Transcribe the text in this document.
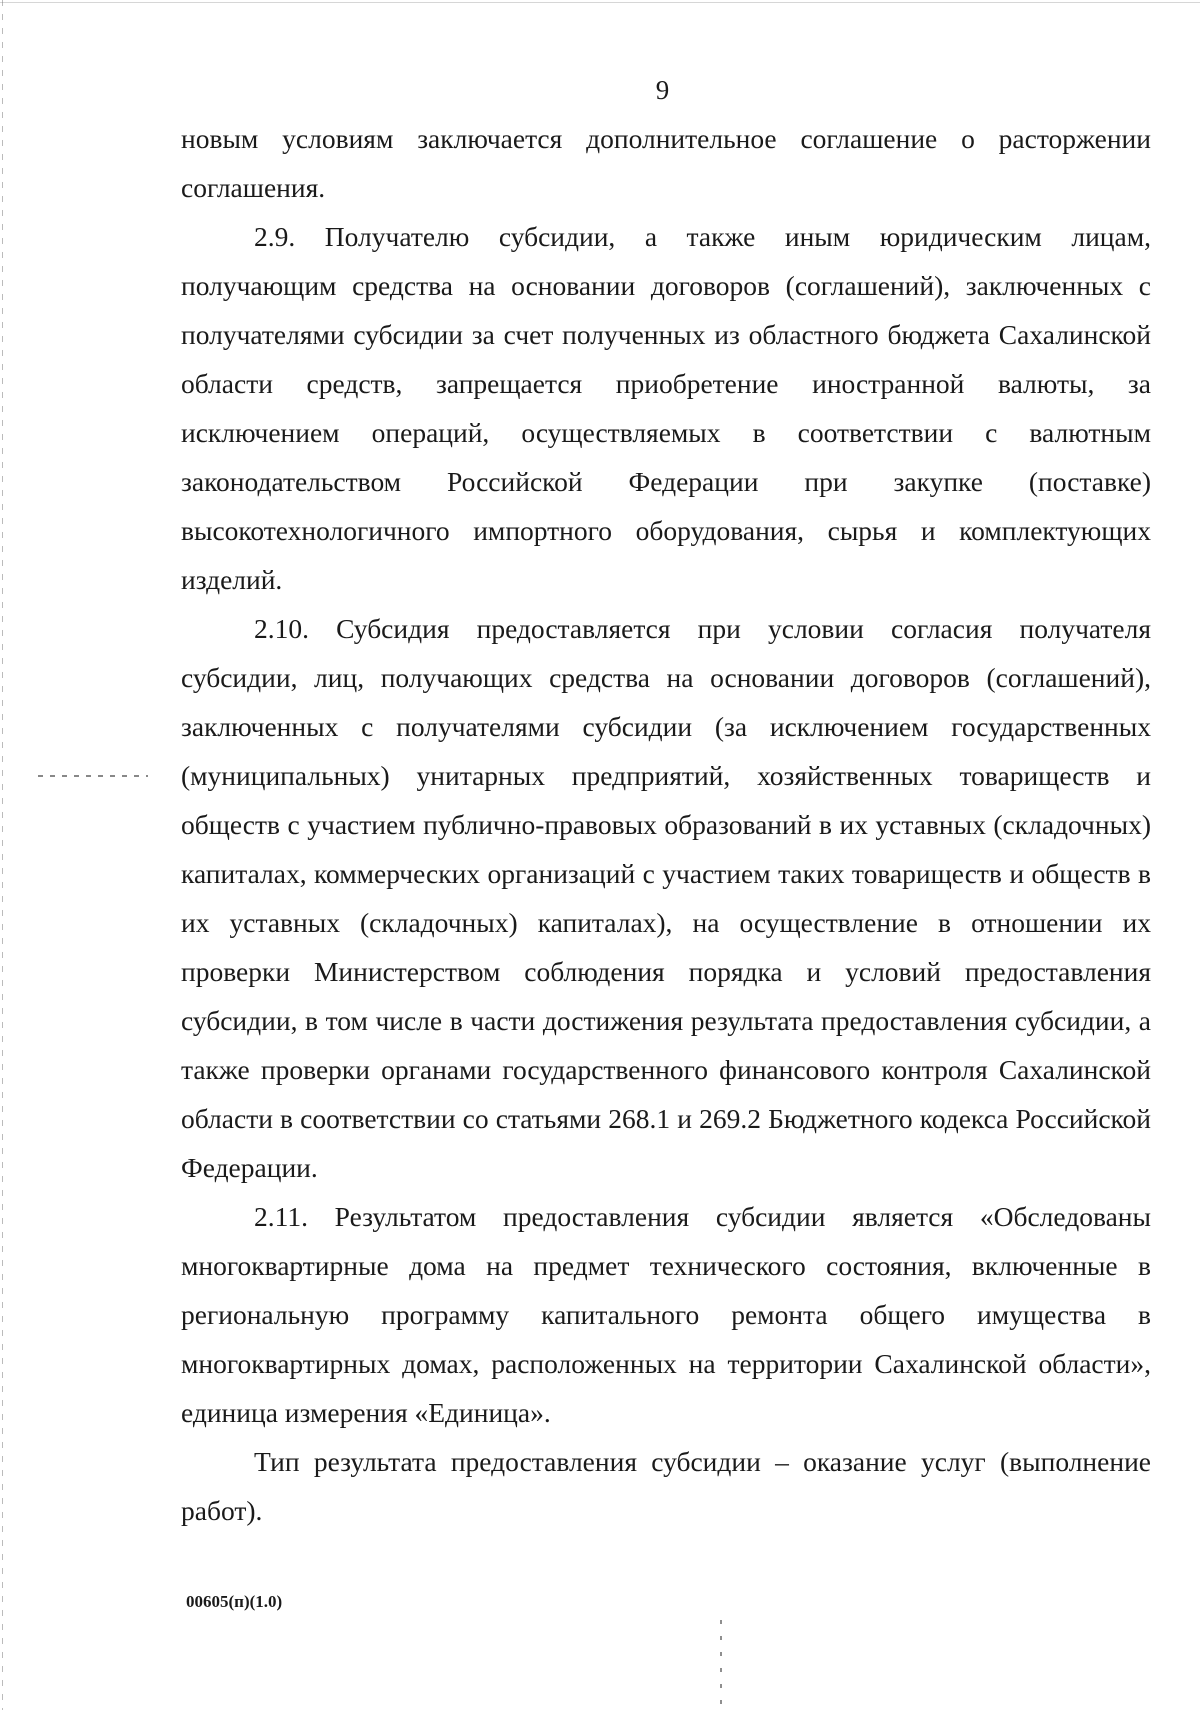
9

новым условиям заключается дополнительное соглашение о расторжении соглашения.

2.9. Получателю субсидии, а также иным юридическим лицам, получающим средства на основании договоров (соглашений), заключенных с получателями субсидии за счет полученных из областного бюджета Сахалинской области средств, запрещается приобретение иностранной валюты, за исключением операций, осуществляемых в соответствии с валютным законодательством Российской Федерации при закупке (поставке) высокотехнологичного импортного оборудования, сырья и комплектующих изделий.

2.10. Субсидия предоставляется при условии согласия получателя субсидии, лиц, получающих средства на основании договоров (соглашений), заключенных с получателями субсидии (за исключением государственных (муниципальных) унитарных предприятий, хозяйственных товариществ и обществ с участием публично-правовых образований в их уставных (складочных) капиталах, коммерческих организаций с участием таких товариществ и обществ в их уставных (складочных) капиталах), на осуществление в отношении их проверки Министерством соблюдения порядка и условий предоставления субсидии, в том числе в части достижения результата предоставления субсидии, а также проверки органами государственного финансового контроля Сахалинской области в соответствии со статьями 268.1 и 269.2 Бюджетного кодекса Российской Федерации.

2.11. Результатом предоставления субсидии является «Обследованы многоквартирные дома на предмет технического состояния, включенные в региональную программу капитального ремонта общего имущества в многоквартирных домах, расположенных на территории Сахалинской области», единица измерения «Единица».

Тип результата предоставления субсидии – оказание услуг (выполнение работ).

00605(п)(1.0)
